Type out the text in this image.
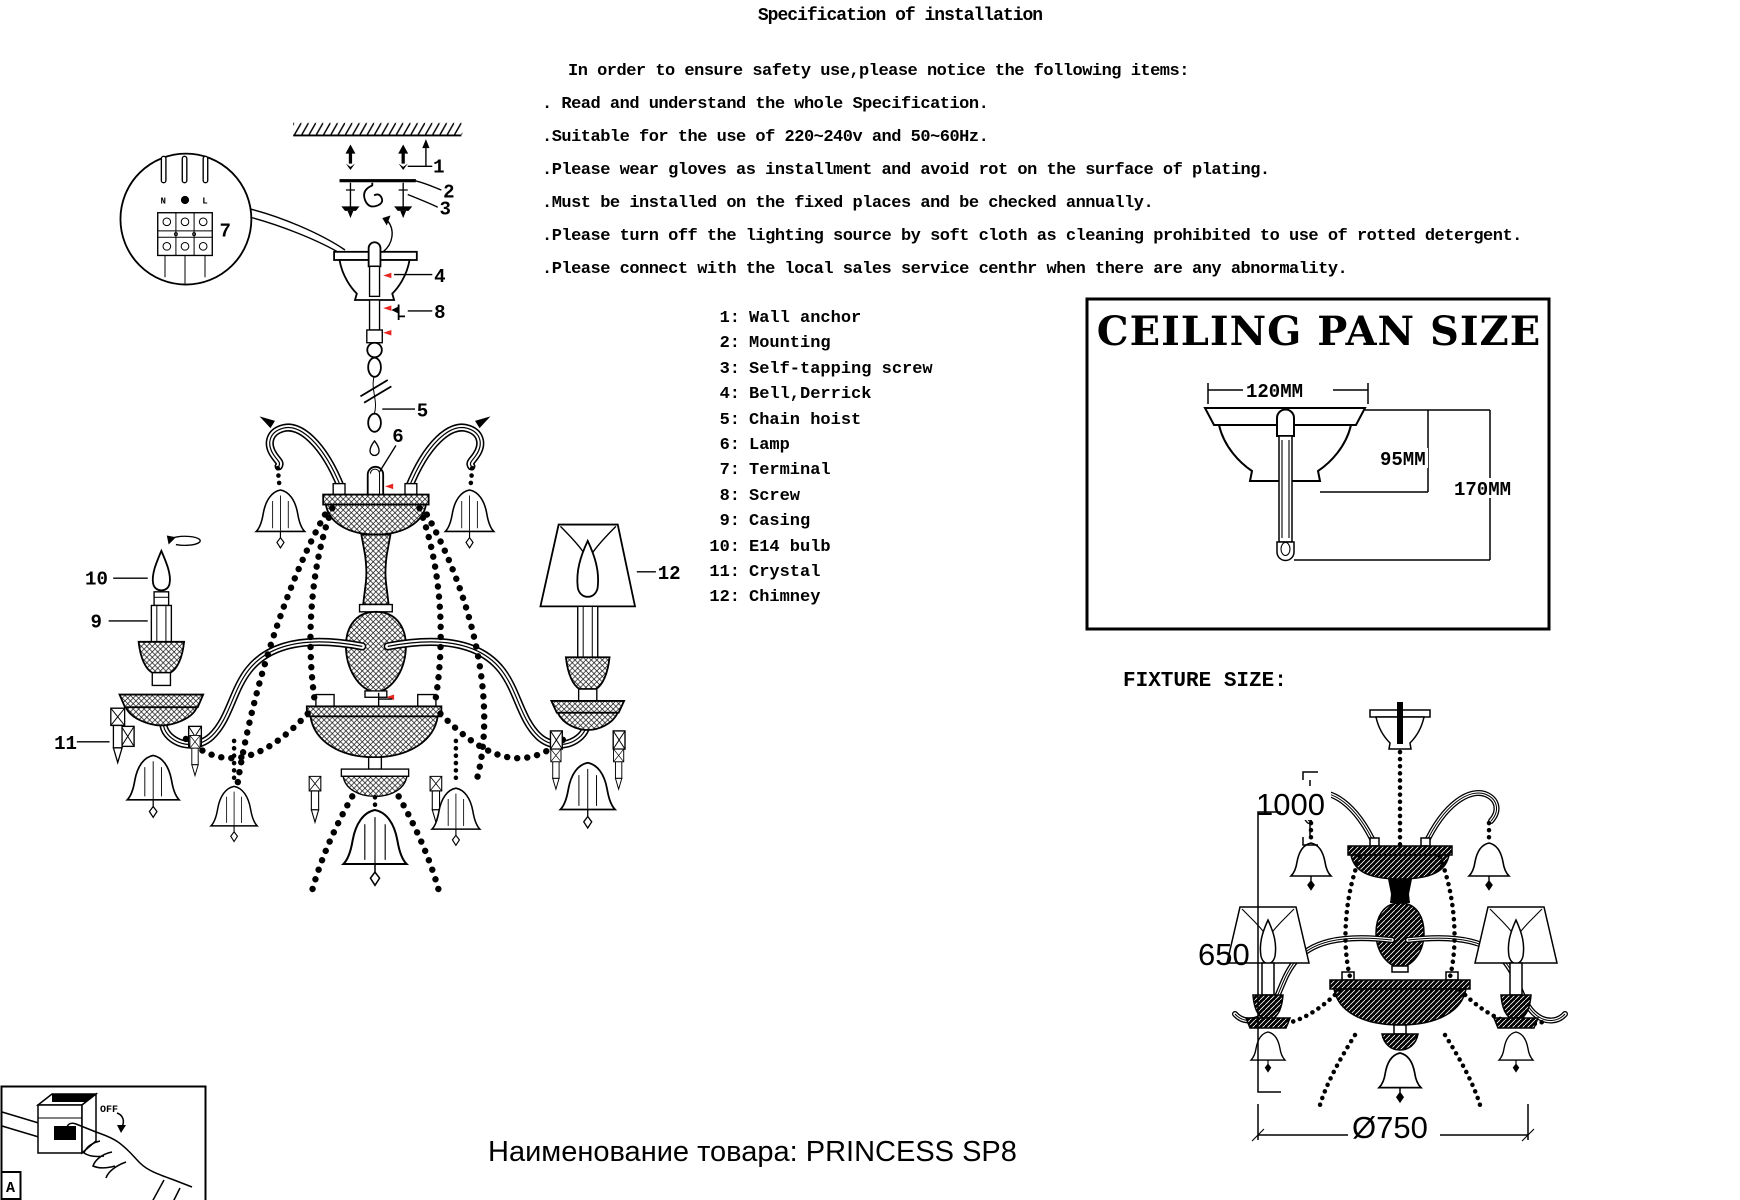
Specification of installation
In order to ensure safety use,please notice the following items:
. Read and understand the whole Specification.
.Suitable for the use of 220~240v and 50~60Hz.
.Please wear gloves as installment and avoid rot on the surface of plating.
.Must be installed on the fixed places and be checked annually.
.Please turn off the lighting source by soft cloth as cleaning prohibited to use of rotted detergent.
.Please connect with the local sales service centhr when there are any abnormality.
1: Wall anchor
2: Mounting
3: Self-tapping screw
4: Bell,Derrick
5: Chain hoist
6: Lamp
7: Terminal
8: Screw
9: Casing
10: E14 bulb
11: Crystal
12: Chimney
FIXTURE SIZE:
CEILING PAN SIZE
Наименование товара: PRINCESS SP8
1
2
3
N	L
7
4
8
5
6
10
9
11
12
120MM
95MM
170MM
1000
650
Ø750
OFF
A
